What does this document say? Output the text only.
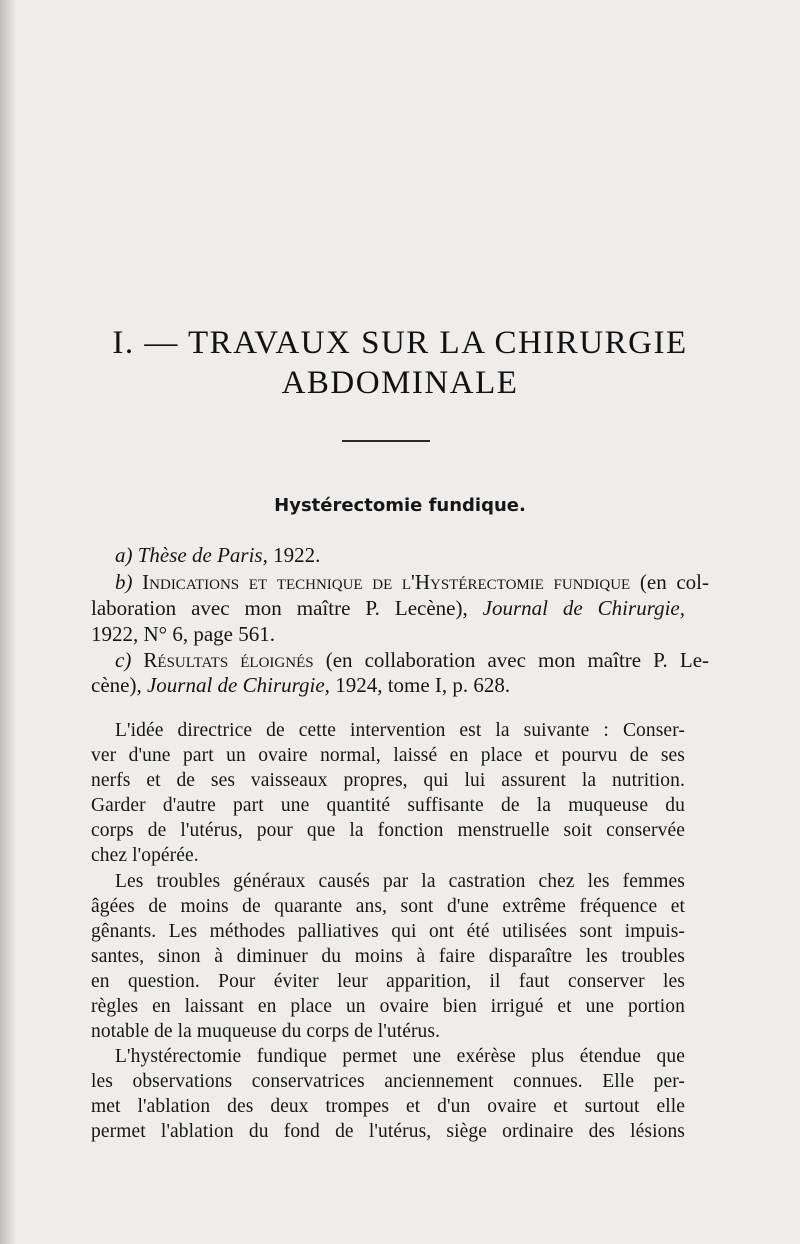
I. — TRAVAUX SUR LA CHIRURGIE
ABDOMINALE
Hystérectomie fundique.

a) Thèse de Paris, 1922.

b) Indications et technique de l'Hystérectomie fundique (en col-

laboration avec mon maître P. Lecène), Journal de Chirurgie,

1922, N° 6, page 561.

c) Résultats éloignés (en collaboration avec mon maître P. Le-

cène), Journal de Chirurgie, 1924, tome I, p. 628.

L'idée directrice de cette intervention est la suivante : Conser-

ver d'une part un ovaire normal, laissé en place et pourvu de ses

nerfs et de ses vaisseaux propres, qui lui assurent la nutrition.

Garder d'autre part une quantité suffisante de la muqueuse du

corps de l'utérus, pour que la fonction menstruelle soit conservée

chez l'opérée.

Les troubles généraux causés par la castration chez les femmes

âgées de moins de quarante ans, sont d'une extrême fréquence et

gênants. Les méthodes palliatives qui ont été utilisées sont impuis-

santes, sinon à diminuer du moins à faire disparaître les troubles

en question. Pour éviter leur apparition, il faut conserver les

règles en laissant en place un ovaire bien irrigué et une portion

notable de la muqueuse du corps de l'utérus.

L'hystérectomie fundique permet une exérèse plus étendue que

les observations conservatrices anciennement connues. Elle per-

met l'ablation des deux trompes et d'un ovaire et surtout elle

permet l'ablation du fond de l'utérus, siège ordinaire des lésions
